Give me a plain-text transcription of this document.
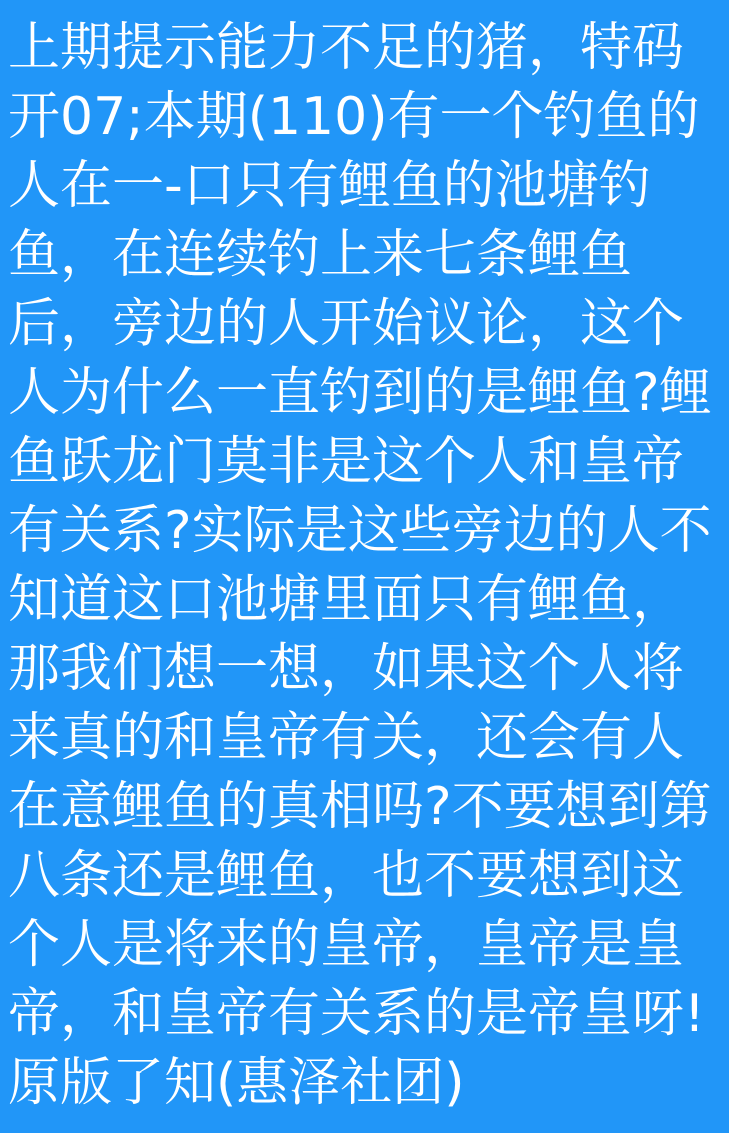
上期提示能力不足的猪，特码开07;本期(110)有一个钓鱼的人在一-口只有鲤鱼的池塘钓鱼，在连续钓上来七条鲤鱼后，旁边的人开始议论，这个人为什么一直钓到的是鲤鱼?鲤鱼跃龙门莫非是这个人和皇帝有关系?实际是这些旁边的人不知道这口池塘里面只有鲤鱼，那我们想一想，如果这个人将来真的和皇帝有关，还会有人在意鲤鱼的真相吗?不要想到第八条还是鲤鱼，也不要想到这个人是将来的皇帝，皇帝是皇帝，和皇帝有关系的是帝皇呀!原版了知(惠泽社团)
